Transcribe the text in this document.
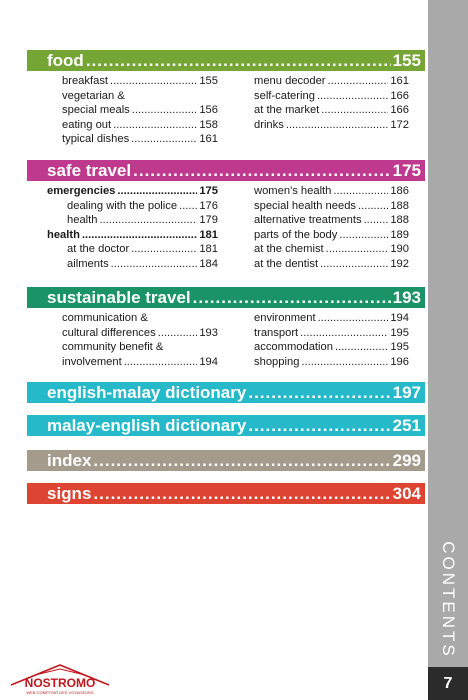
food .....	155
breakfast .....	155
vegetarian &
special meals .....	156
eating out .....	158
typical dishes .....	161
menu decoder .....	161
self-catering .....	166
at the market .....	166
drinks .....	172
safe travel .....	175
emergencies .....	175
dealing with the police ..... 176
health .....	179
health .....	181
at the doctor .....	181
ailments .....	184
women's health .....	186
special health needs .....	188
alternative treatments .....	188
parts of the body .....	189
at the chemist .....	190
at the dentist .....	192
sustainable travel .....	193
communication &
cultural differences .....	193
community benefit &
involvement .....	194
environment .....	194
transport .....	195
accommodation .....	195
shopping .....	196
english-malay dictionary .....	197
malay-english dictionary .....	251
index .....	299
signs .....	304
NOSTROMO
WEB COMPTOIR DES VOYAGEURS
CONTENTS
7
